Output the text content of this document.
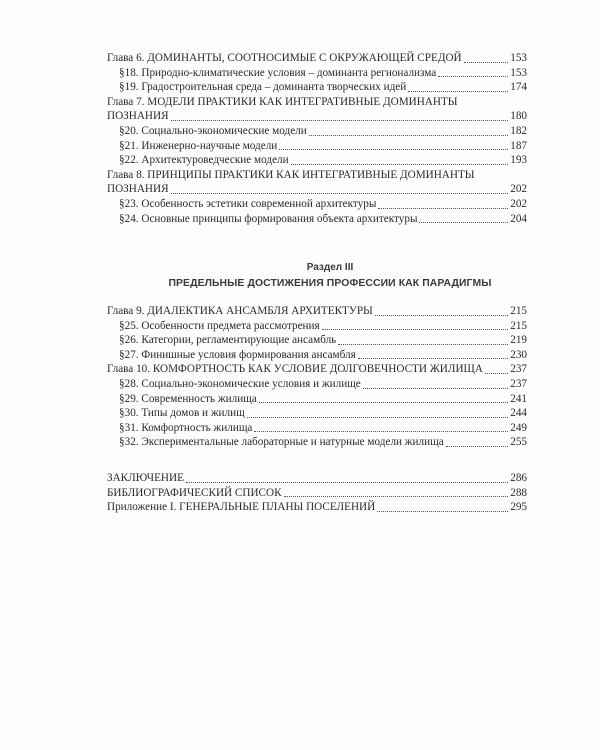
Глава 6. ДОМИНАНТЫ, СООТНОСИМЫЕ С ОКРУЖАЮЩЕЙ СРЕДОЙ	153
§18. Природно-климатические условия – доминанта регионализма	153
§19. Градостроительная среда – доминанта творческих идей	174
Глава 7. МОДЕЛИ ПРАКТИКИ КАК ИНТЕГРАТИВНЫЕ ДОМИНАНТЫ
ПОЗНАНИЯ	180
§20. Социально-экономические модели	182
§21. Инженерно-научные модели	187
§22. Архитектуроведческие модели	193
Глава 8. ПРИНЦИПЫ ПРАКТИКИ КАК ИНТЕГРАТИВНЫЕ ДОМИНАНТЫ
ПОЗНАНИЯ	202
§23. Особенность эстетики современной архитектуры	202
§24. Основные принципы формирования объекта архитектуры	204
Раздел III
ПРЕДЕЛЬНЫЕ ДОСТИЖЕНИЯ ПРОФЕССИИ КАК ПАРАДИГМЫ
Глава 9. ДИАЛЕКТИКА АНСАМБЛЯ АРХИТЕКТУРЫ	215
§25. Особенности предмета рассмотрения	215
§26. Категории, регламентирующие ансамбль	219
§27. Финишные условия формирования ансамбля	230
Глава 10. КОМФОРТНОСТЬ КАК УСЛОВИЕ ДОЛГОВЕЧНОСТИ ЖИЛИЩА 237
§28. Социально-экономические условия и жилище	237
§29. Современность жилища	241
§30. Типы домов и жилищ	244
§31. Комфортность жилища	249
§32. Экспериментальные лабораторные и натурные модели жилища	255
ЗАКЛЮЧЕНИЕ	286
БИБЛИОГРАФИЧЕСКИЙ СПИСОК	288
Приложение I. ГЕНЕРАЛЬНЫЕ ПЛАНЫ ПОСЕЛЕНИЙ	295
